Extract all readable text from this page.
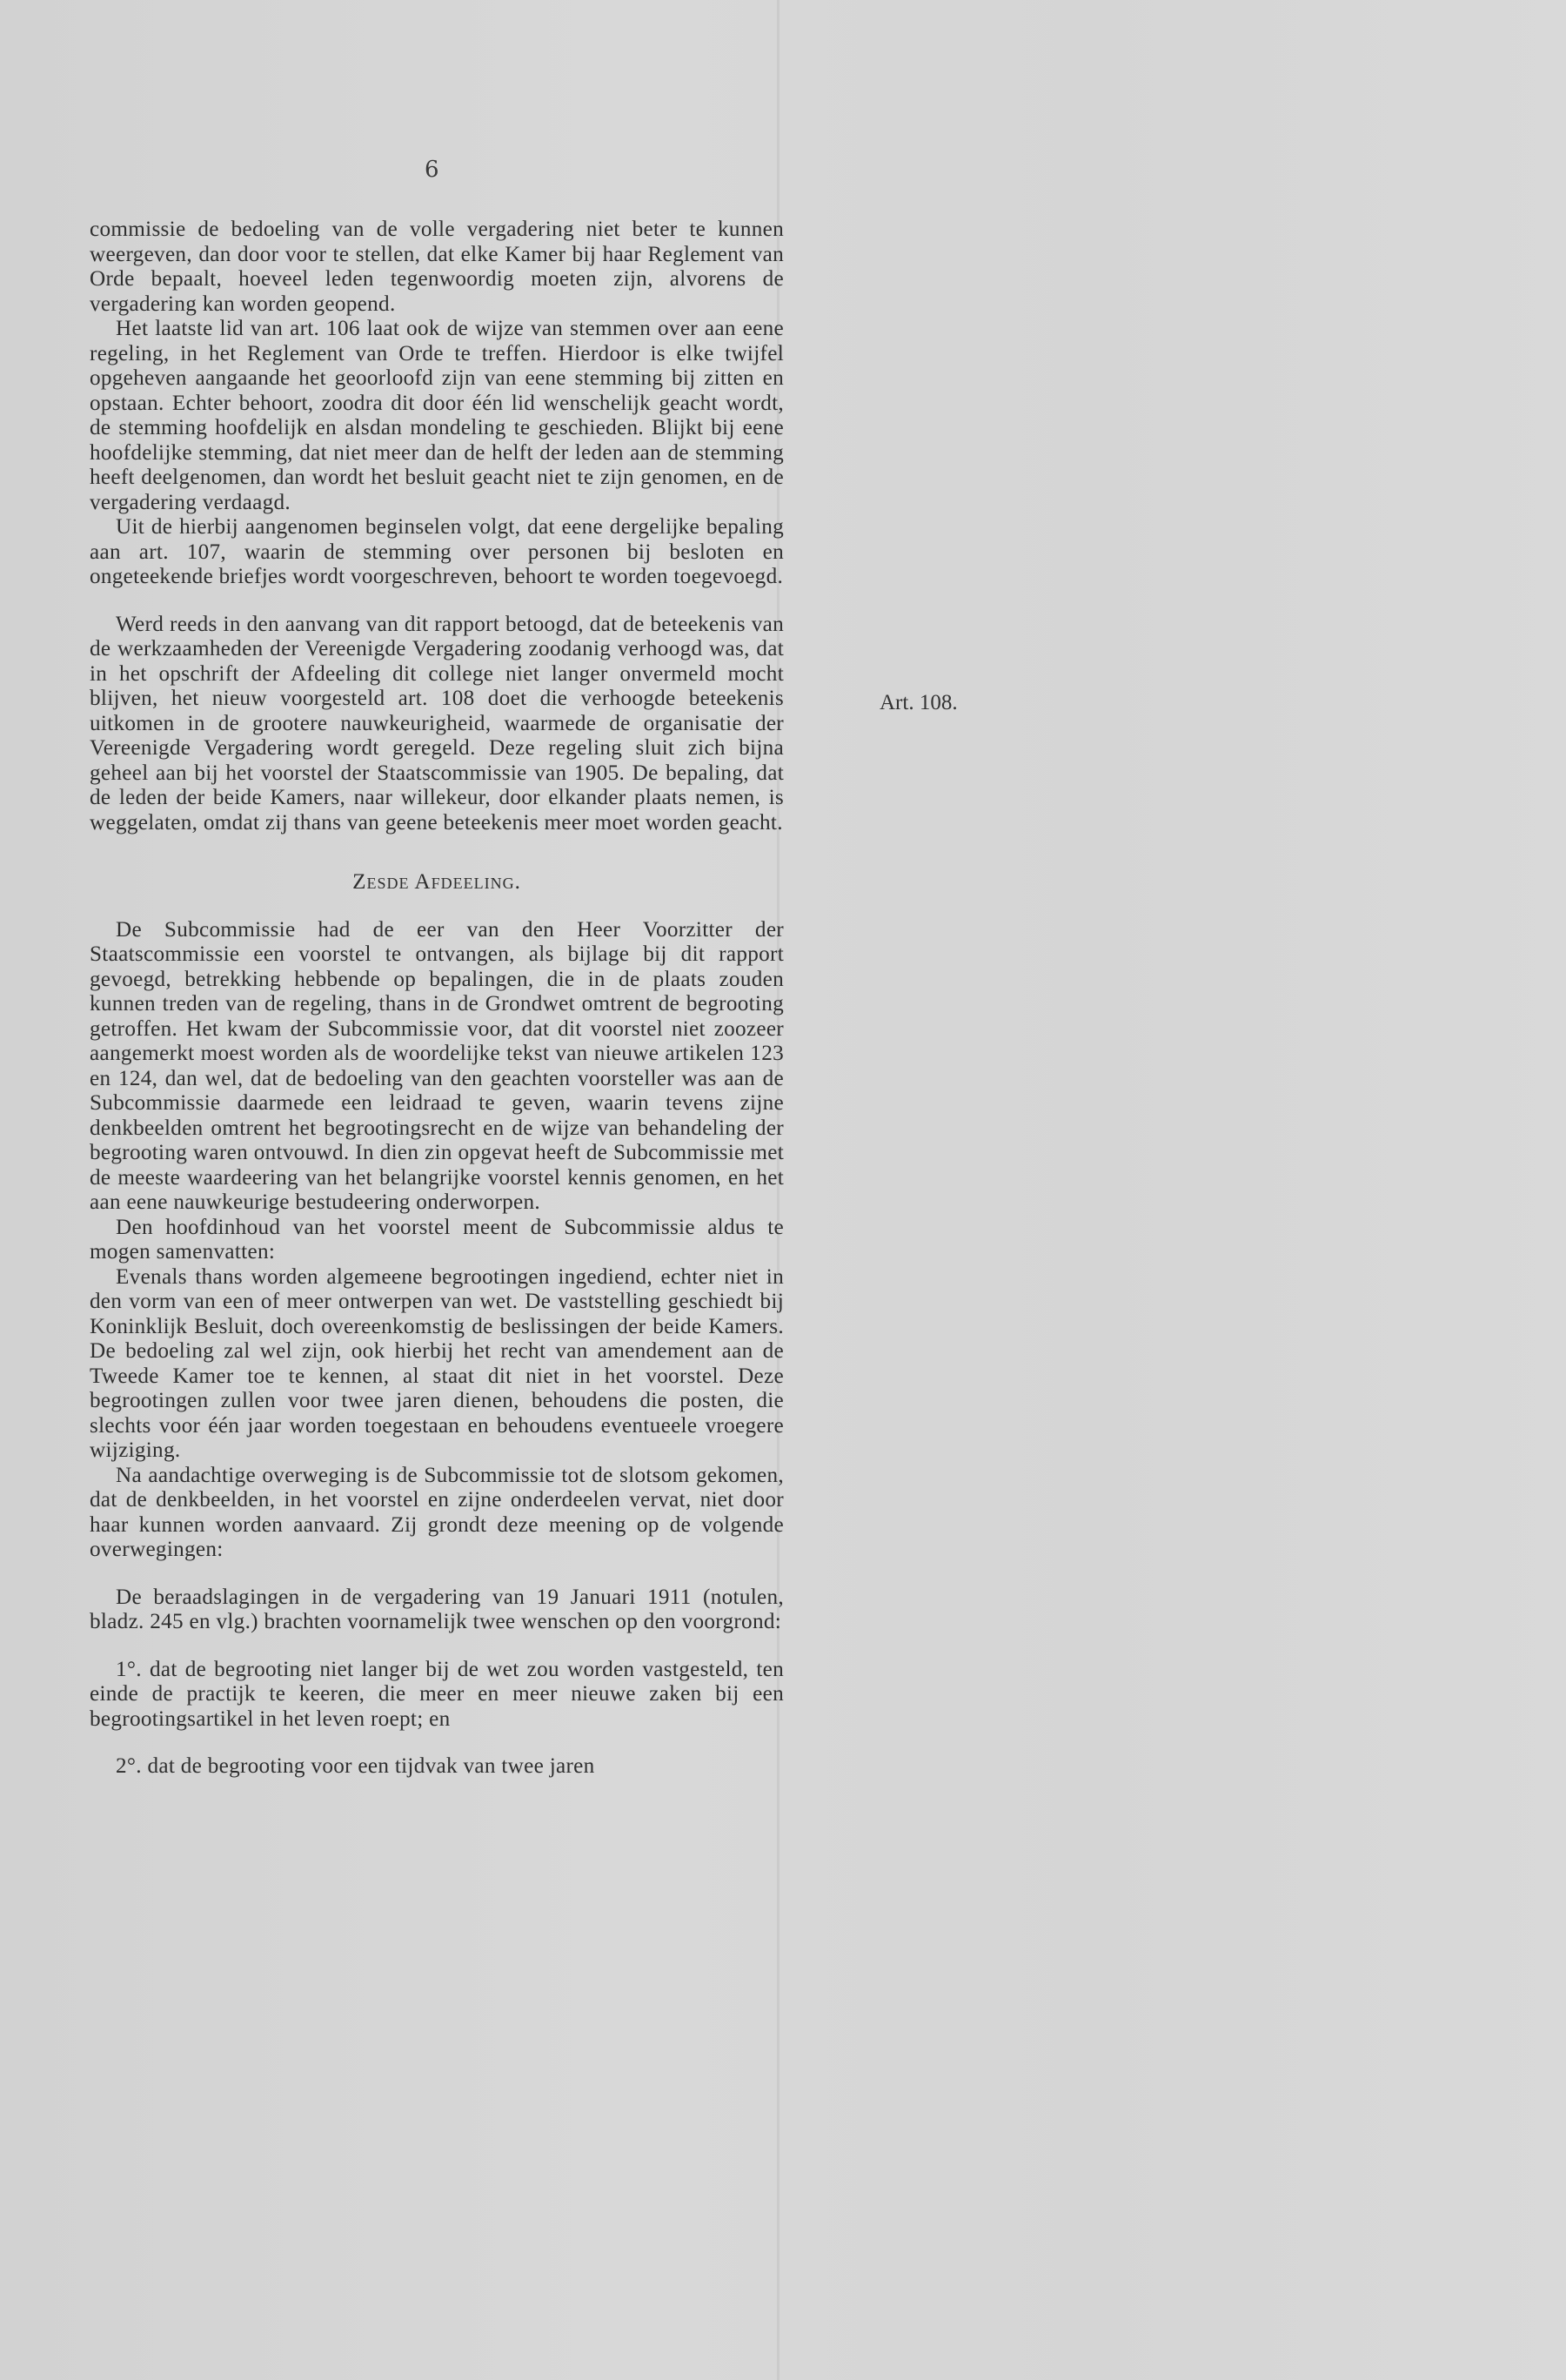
6
Art. 108.

commissie de bedoeling van de volle vergadering niet beter te kunnen weergeven, dan door voor te stellen, dat elke Kamer bij haar Reglement van Orde bepaalt, hoeveel leden tegenwoordig moeten zijn, alvorens de vergadering kan worden geopend.

Het laatste lid van art. 106 laat ook de wijze van stemmen over aan eene regeling, in het Reglement van Orde te treffen. Hierdoor is elke twijfel opgeheven aangaande het geoorloofd zijn van eene stemming bij zitten en opstaan. Echter behoort, zoodra dit door één lid wenschelijk geacht wordt, de stemming hoofdelijk en alsdan mondeling te geschieden. Blijkt bij eene hoofdelijke stemming, dat niet meer dan de helft der leden aan de stemming heeft deelgenomen, dan wordt het besluit geacht niet te zijn genomen, en de vergadering verdaagd.

Uit de hierbij aangenomen beginselen volgt, dat eene dergelijke bepaling aan art. 107, waarin de stemming over personen bij besloten en ongeteekende briefjes wordt voorgeschreven, behoort te worden toegevoegd.

Werd reeds in den aanvang van dit rapport betoogd, dat de beteekenis van de werkzaamheden der Vereenigde Vergadering zoodanig verhoogd was, dat in het opschrift der Afdeeling dit college niet langer onvermeld mocht blijven, het nieuw voorgesteld art. 108 doet die verhoogde beteekenis uitkomen in de grootere nauwkeurigheid, waarmede de organisatie der Vereenigde Vergadering wordt geregeld. Deze regeling sluit zich bijna geheel aan bij het voorstel der Staatscommissie van 1905. De bepaling, dat de leden der beide Kamers, naar willekeur, door elkander plaats nemen, is weggelaten, omdat zij thans van geene beteekenis meer moet worden geacht.

Zesde Afdeeling.

De Subcommissie had de eer van den Heer Voorzitter der Staatscommissie een voorstel te ontvangen, als bijlage bij dit rapport gevoegd, betrekking hebbende op bepalingen, die in de plaats zouden kunnen treden van de regeling, thans in de Grondwet omtrent de begrooting getroffen. Het kwam der Subcommissie voor, dat dit voorstel niet zoozeer aangemerkt moest worden als de woordelijke tekst van nieuwe artikelen 123 en 124, dan wel, dat de bedoeling van den geachten voorsteller was aan de Subcommissie daarmede een leidraad te geven, waarin tevens zijne denkbeelden omtrent het begrootingsrecht en de wijze van behandeling der begrooting waren ontvouwd. In dien zin opgevat heeft de Subcommissie met de meeste waardeering van het belangrijke voorstel kennis genomen, en het aan eene nauwkeurige bestudeering onderworpen.

Den hoofdinhoud van het voorstel meent de Subcommissie aldus te mogen samenvatten:

Evenals thans worden algemeene begrootingen ingediend, echter niet in den vorm van een of meer ontwerpen van wet. De vaststelling geschiedt bij Koninklijk Besluit, doch overeenkomstig de beslissingen der beide Kamers. De bedoeling zal wel zijn, ook hierbij het recht van amendement aan de Tweede Kamer toe te kennen, al staat dit niet in het voorstel. Deze begrootingen zullen voor twee jaren dienen, behoudens die posten, die slechts voor één jaar worden toegestaan en behoudens eventueele vroegere wijziging.

Na aandachtige overweging is de Subcommissie tot de slotsom gekomen, dat de denkbeelden, in het voorstel en zijne onderdeelen vervat, niet door haar kunnen worden aanvaard. Zij grondt deze meening op de volgende overwegingen:

De beraadslagingen in de vergadering van 19 Januari 1911 (notulen, bladz. 245 en vlg.) brachten voornamelijk twee wenschen op den voorgrond:

1°. dat de begrooting niet langer bij de wet zou worden vastgesteld, ten einde de practijk te keeren, die meer en meer nieuwe zaken bij een begrootingsartikel in het leven roept; en

2°. dat de begrooting voor een tijdvak van twee jaren
